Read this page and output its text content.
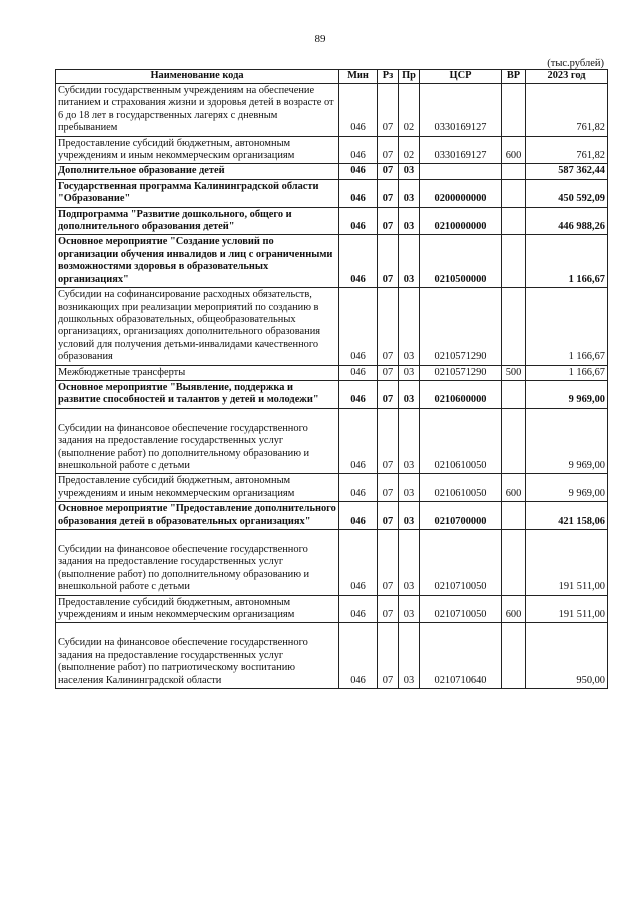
89
(тыс.рублей)
Наименование кода	Мин	Рз	Пр	ЦСР	ВР	2023 год
Субсидии государственным учреждениям на обеспечение питанием и страхования жизни и здоровья детей в возрасте от 6 до 18 лет в государственных лагерях с дневным пребыванием	046	07	02	0330169127		761,82
Предоставление субсидий бюджетным, автономным учреждениям и иным некоммерческим организациям	046	07	02	0330169127	600	761,82
Дополнительное образование детей	046	07	03			587 362,44
Государственная программа Калининградской области "Образование"	046	07	03	0200000000		450 592,09
Подпрограмма "Развитие дошкольного, общего и дополнительного образования детей"	046	07	03	0210000000		446 988,26
Основное мероприятие "Создание условий по организации обучения инвалидов и лиц с ограниченными возможностями здоровья в образовательных организациях"	046	07	03	0210500000		1 166,67
Субсидии на софинансирование расходных обязательств, возникающих при реализации мероприятий по созданию в дошкольных образовательных, общеобразовательных организациях, организациях дополнительного образования условий для получения детьми-инвалидами качественного образования	046	07	03	0210571290		1 166,67
Межбюджетные трансферты	046	07	03	0210571290	500	1 166,67
Основное мероприятие "Выявление, поддержка и развитие способностей и талантов у детей и молодежи"	046	07	03	0210600000		9 969,00
Субсидии на финансовое обеспечение государственного задания на предоставление государственных услуг (выполнение работ) по дополнительному образованию и внешкольной работе с детьми	046	07	03	0210610050		9 969,00
Предоставление субсидий бюджетным, автономным учреждениям и иным некоммерческим организациям	046	07	03	0210610050	600	9 969,00
Основное мероприятие "Предоставление дополнительного образования детей в образовательных организациях"	046	07	03	0210700000		421 158,06
Субсидии на финансовое обеспечение государственного задания на предоставление государственных услуг (выполнение работ) по дополнительному образованию и внешкольной работе с детьми	046	07	03	0210710050		191 511,00
Предоставление субсидий бюджетным, автономным учреждениям и иным некоммерческим организациям	046	07	03	0210710050	600	191 511,00
Субсидии на финансовое обеспечение государственного задания на предоставление государственных услуг (выполнение работ) по патриотическому воспитанию населения Калининградской области	046	07	03	0210710640		950,00
